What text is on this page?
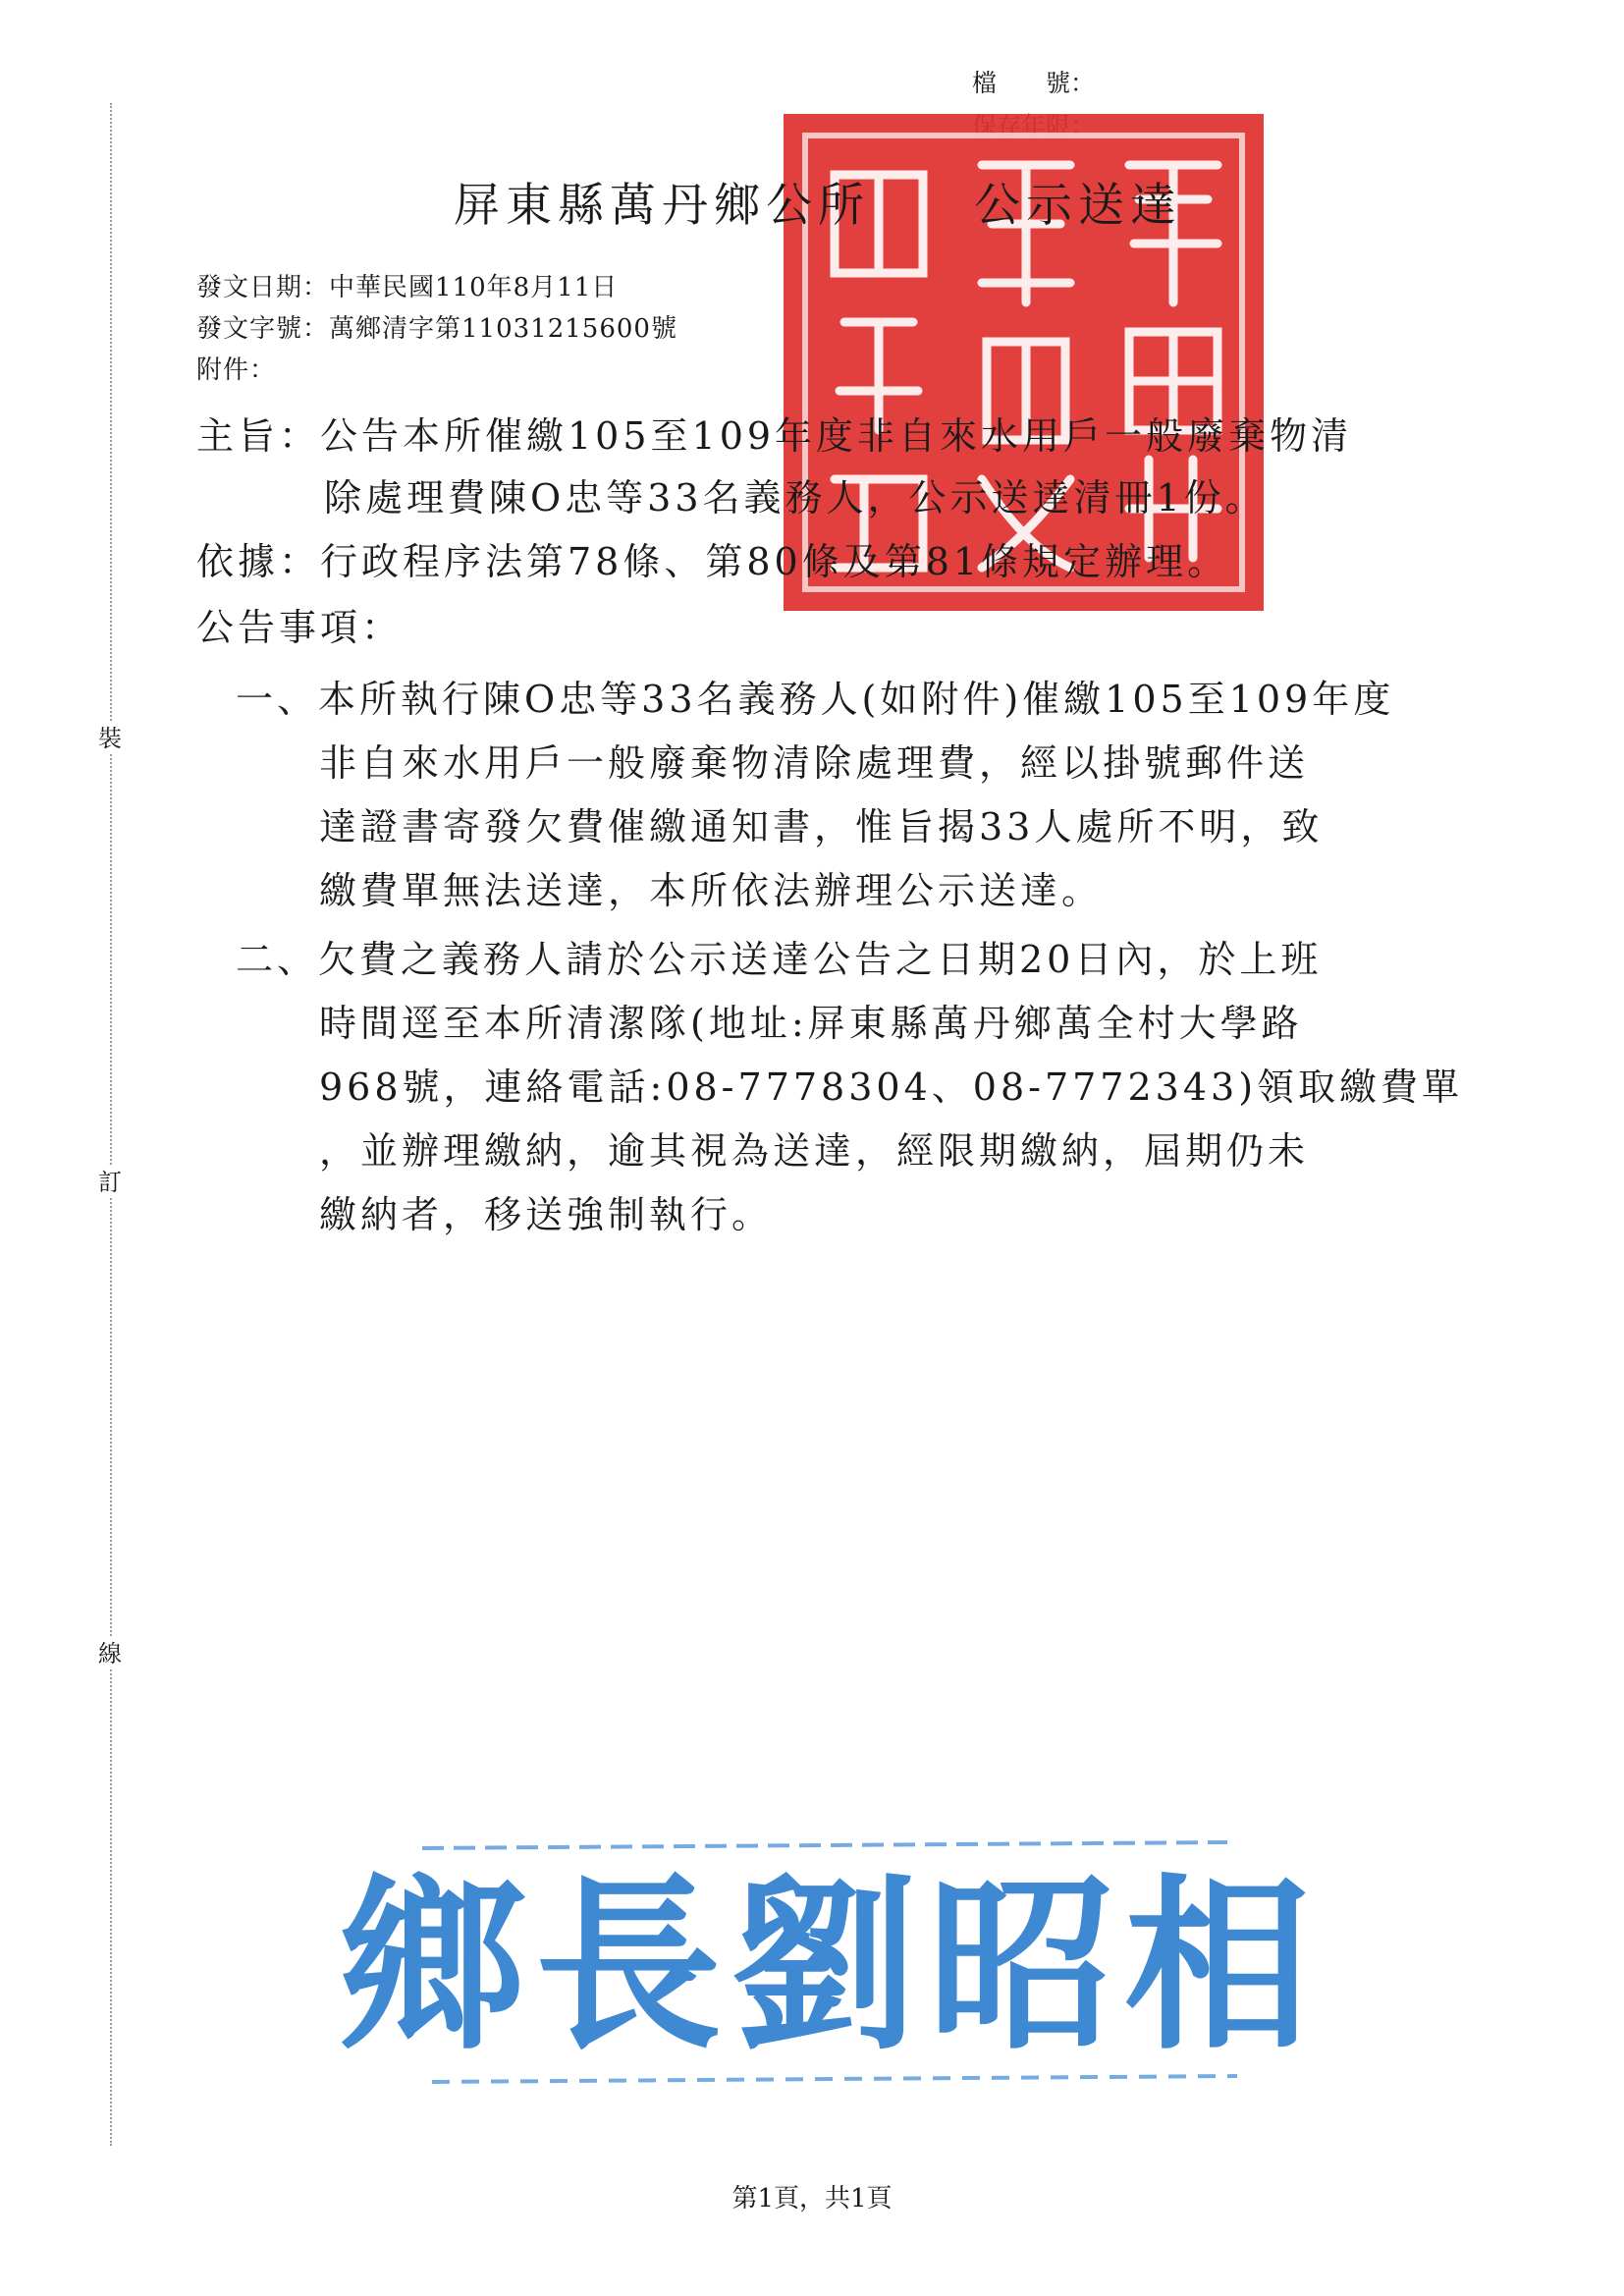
裝
訂
線
檔　　號：
屏東縣萬丹鄉公所　　公示送達
發文日期：中華民國110年8月11日
發文字號：萬鄉清字第11031215600號
附件：
主旨：公告本所催繳105至109年度非自來水用戶一般廢棄物清
除處理費陳O忠等33名義務人，公示送達清冊1份。
依據：行政程序法第78條、第80條及第81條規定辦理。
公告事項：
一、本所執行陳O忠等33名義務人(如附件)催繳105至109年度
非自來水用戶一般廢棄物清除處理費，經以掛號郵件送
達證書寄發欠費催繳通知書，惟旨揭33人處所不明，致
繳費單無法送達，本所依法辦理公示送達。
二、欠費之義務人請於公示送達公告之日期20日內，於上班
時間逕至本所清潔隊(地址:屏東縣萬丹鄉萬全村大學路
968號，連絡電話:08-7778304、08-7772343)領取繳費單
，並辦理繳納，逾其視為送達，經限期繳納，屆期仍未
繳納者，移送強制執行。
鄉長劉昭相
第1頁，共1頁
